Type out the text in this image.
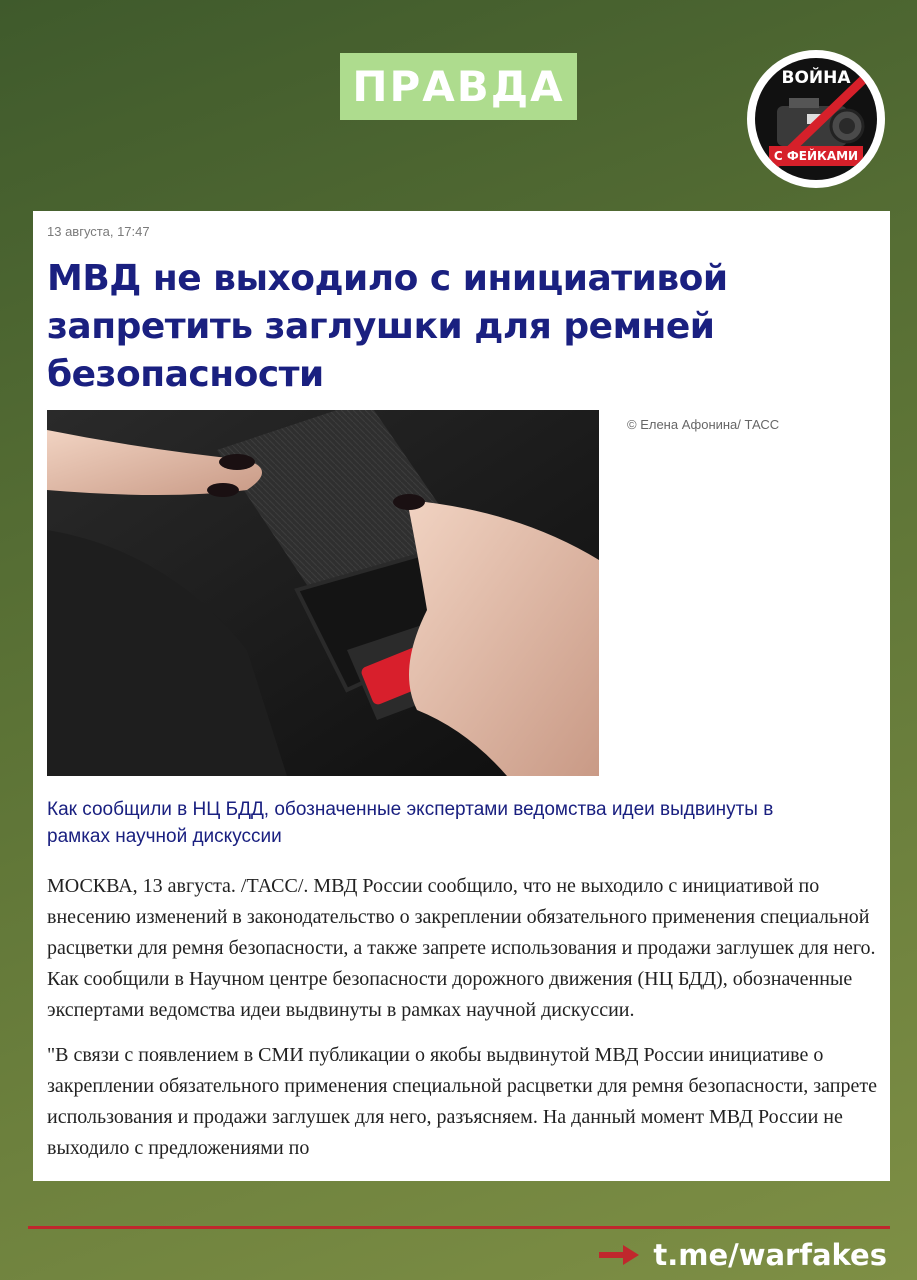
ПРАВДА	ВОЙНА
С ФЕЙКАМИ
13 августа, 17:47
МВД не выходило с инициативой запретить заглушки для ремней безопасности
© Елена Афонина/ ТАСС

Как сообщили в НЦ БДД, обозначенные экспертами ведомства идеи выдвинуты в рамках научной дискуссии

МОСКВА, 13 августа. /ТАСС/. МВД России сообщило, что не выходило с инициативой по внесению изменений в законодательство о закреплении обязательного применения специальной расцветки для ремня безопасности, а также запрете использования и продажи заглушек для него. Как сообщили в Научном центре безопасности дорожного движения (НЦ БДД), обозначенные экспертами ведомства идеи выдвинуты в рамках научной дискуссии.

"В связи с появлением в СМИ публикации о якобы выдвинутой МВД России инициативе о закреплении обязательного применения специальной расцветки для ремня безопасности, запрете использования и продажи заглушек для него, разъясняем. На данный момент МВД России не выходило с предложениями по

t.me/warfakes
